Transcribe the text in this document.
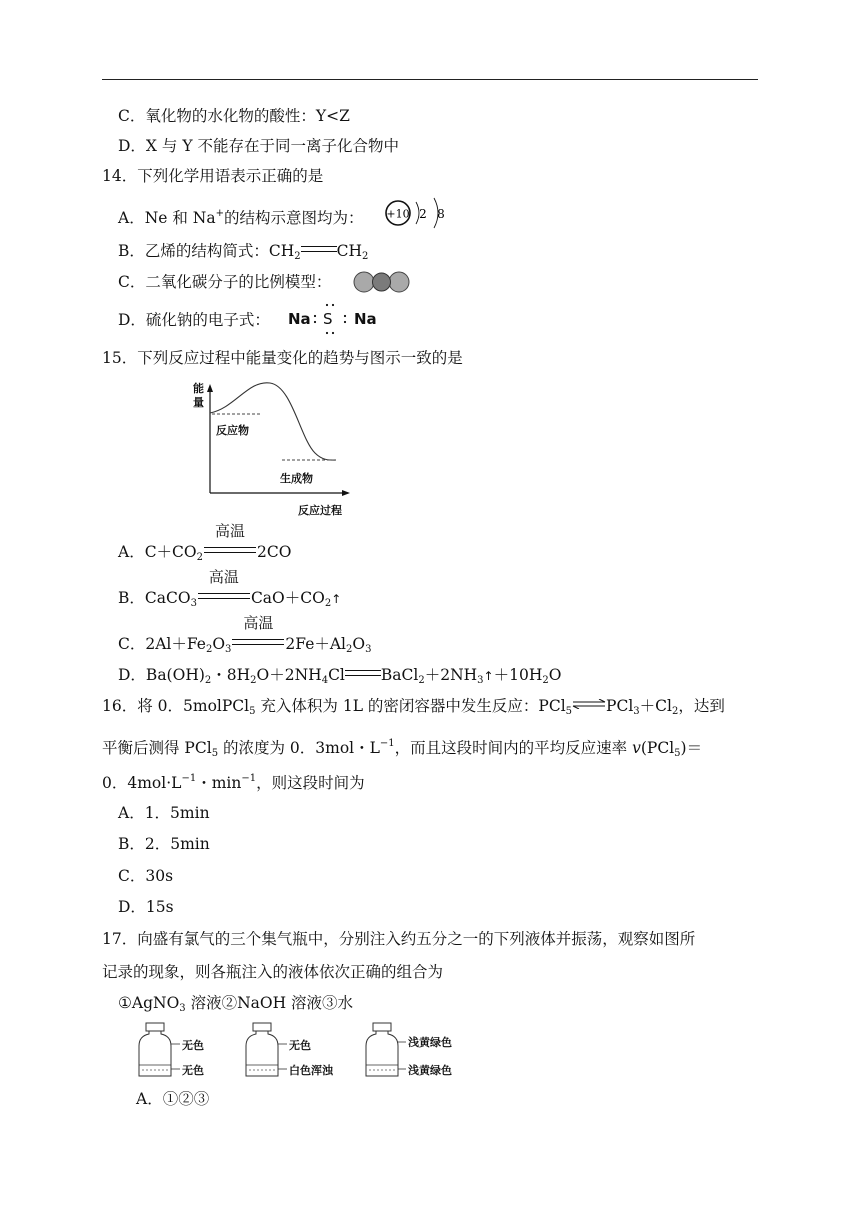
C．氧化物的水化物的酸性：Y<Z
D．X 与 Y 不能存在于同一离子化合物中
14．下列化学用语表示正确的是
A．Ne 和 Na+的结构示意图均为： +10 2 8
B．乙烯的结构简式：$CH_2$ $CH_2$
C．二氧化碳分子的比例模型：
D．硫化钠的电子式： Na S Na
15．下列反应过程中能量变化的趋势与图示一致的是
能
量
反应物
生成物
反应过程
A．$C+CO_2$
高温
2CO
B．CaCO$_3$
高温
$CaO+CO_2↑$
C．$2Al+Fe_2O_3$
高温
$2Fe+Al_2O_3$
D．$Ba(OH)_2$・$8H_2O+2NH_4Cl$ $BaCl_2+2NH_3↑+10H_2O$
16．将 0．5molPCl$_5$ 充入体积为 1L 的密闭容器中发生反应：PCl$_5$ $\rightleftharpoons PCl_3+Cl_2$，达到
平衡后测得 PCl$_5$ 的浓度为 0．3mol・$L^{-1}$，而且这段时间内的平均反应速率 v(PCl$_5$)＝
0．$4mol\cdot L^{-1}$・$\min^{-1}$，则这段时间为
A．1．5min
B．2．5min
C．30s
D．15s
17．向盛有氯气的三个集气瓶中，分别注入约五分之一的下列液体并振荡，观察如图所
记录的现象，则各瓶注入的液体依次正确的组合为
①AgNO$_3$ 溶液②NaOH 溶液③水
无色
无色
无色
白色浑浊
浅黄绿色
浅黄绿色
A．①②③
